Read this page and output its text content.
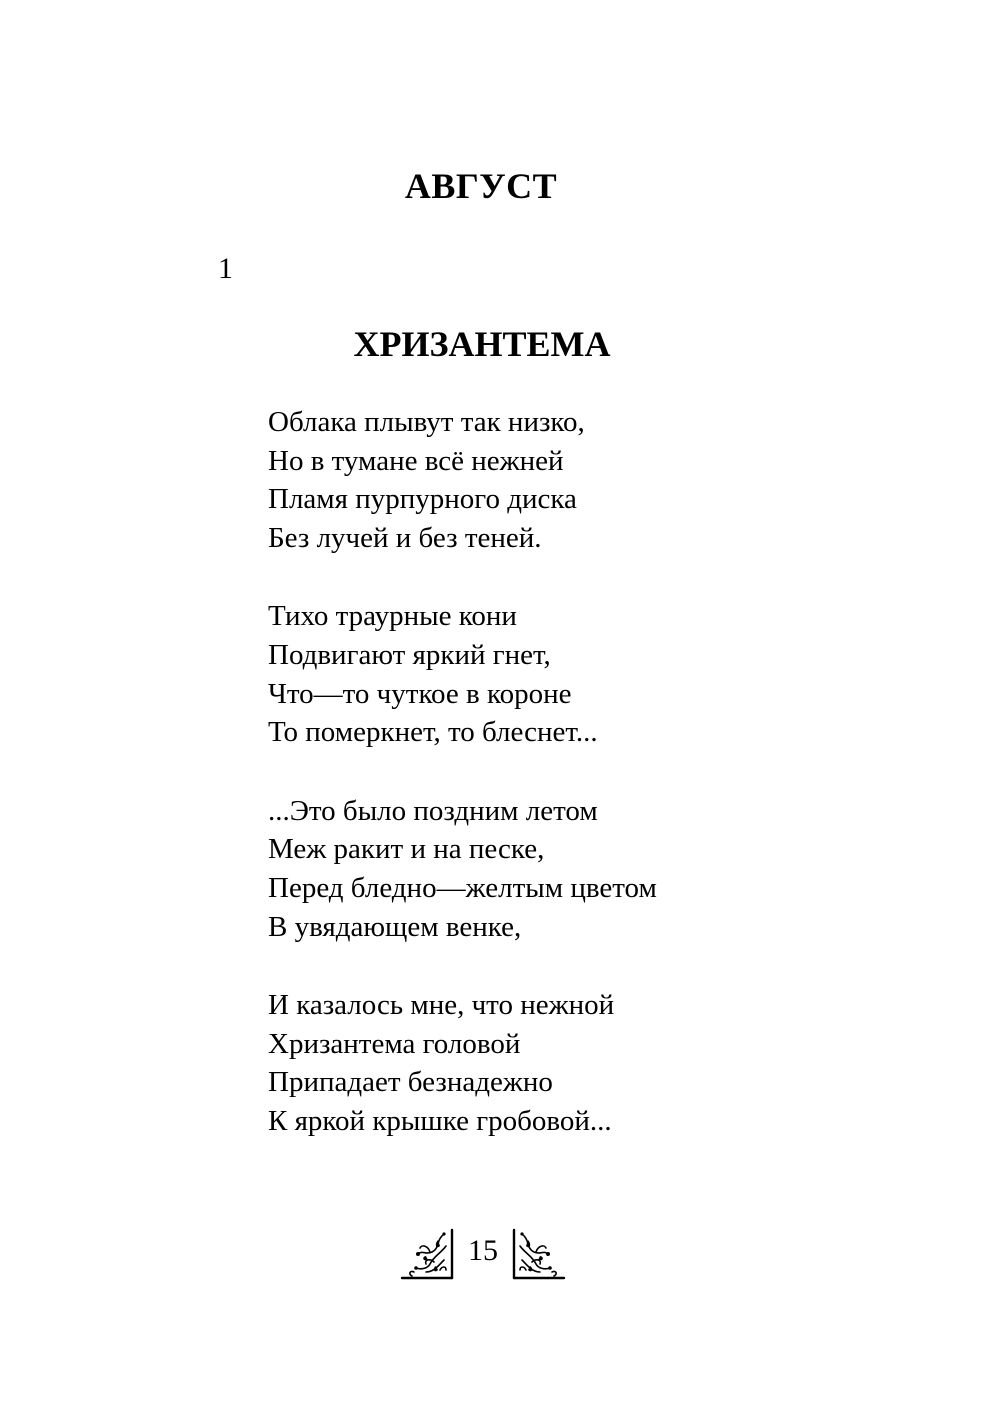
АВГУСТ
1
ХРИЗАНТЕМА
Облака плывут так низко,
Но в тумане всё нежней
Пламя пурпурного диска
Без лучей и без теней.
Тихо траурные кони
Подвигают яркий гнет,
Что—то чуткое в короне
То померкнет, то блеснет...
...Это было поздним летом
Меж ракит и на песке,
Перед бледно—желтым цветом
В увядающем венке,
И казалось мне, что нежной
Хризантема головой
Припадает безнадежно
К яркой крышке гробовой...
15
